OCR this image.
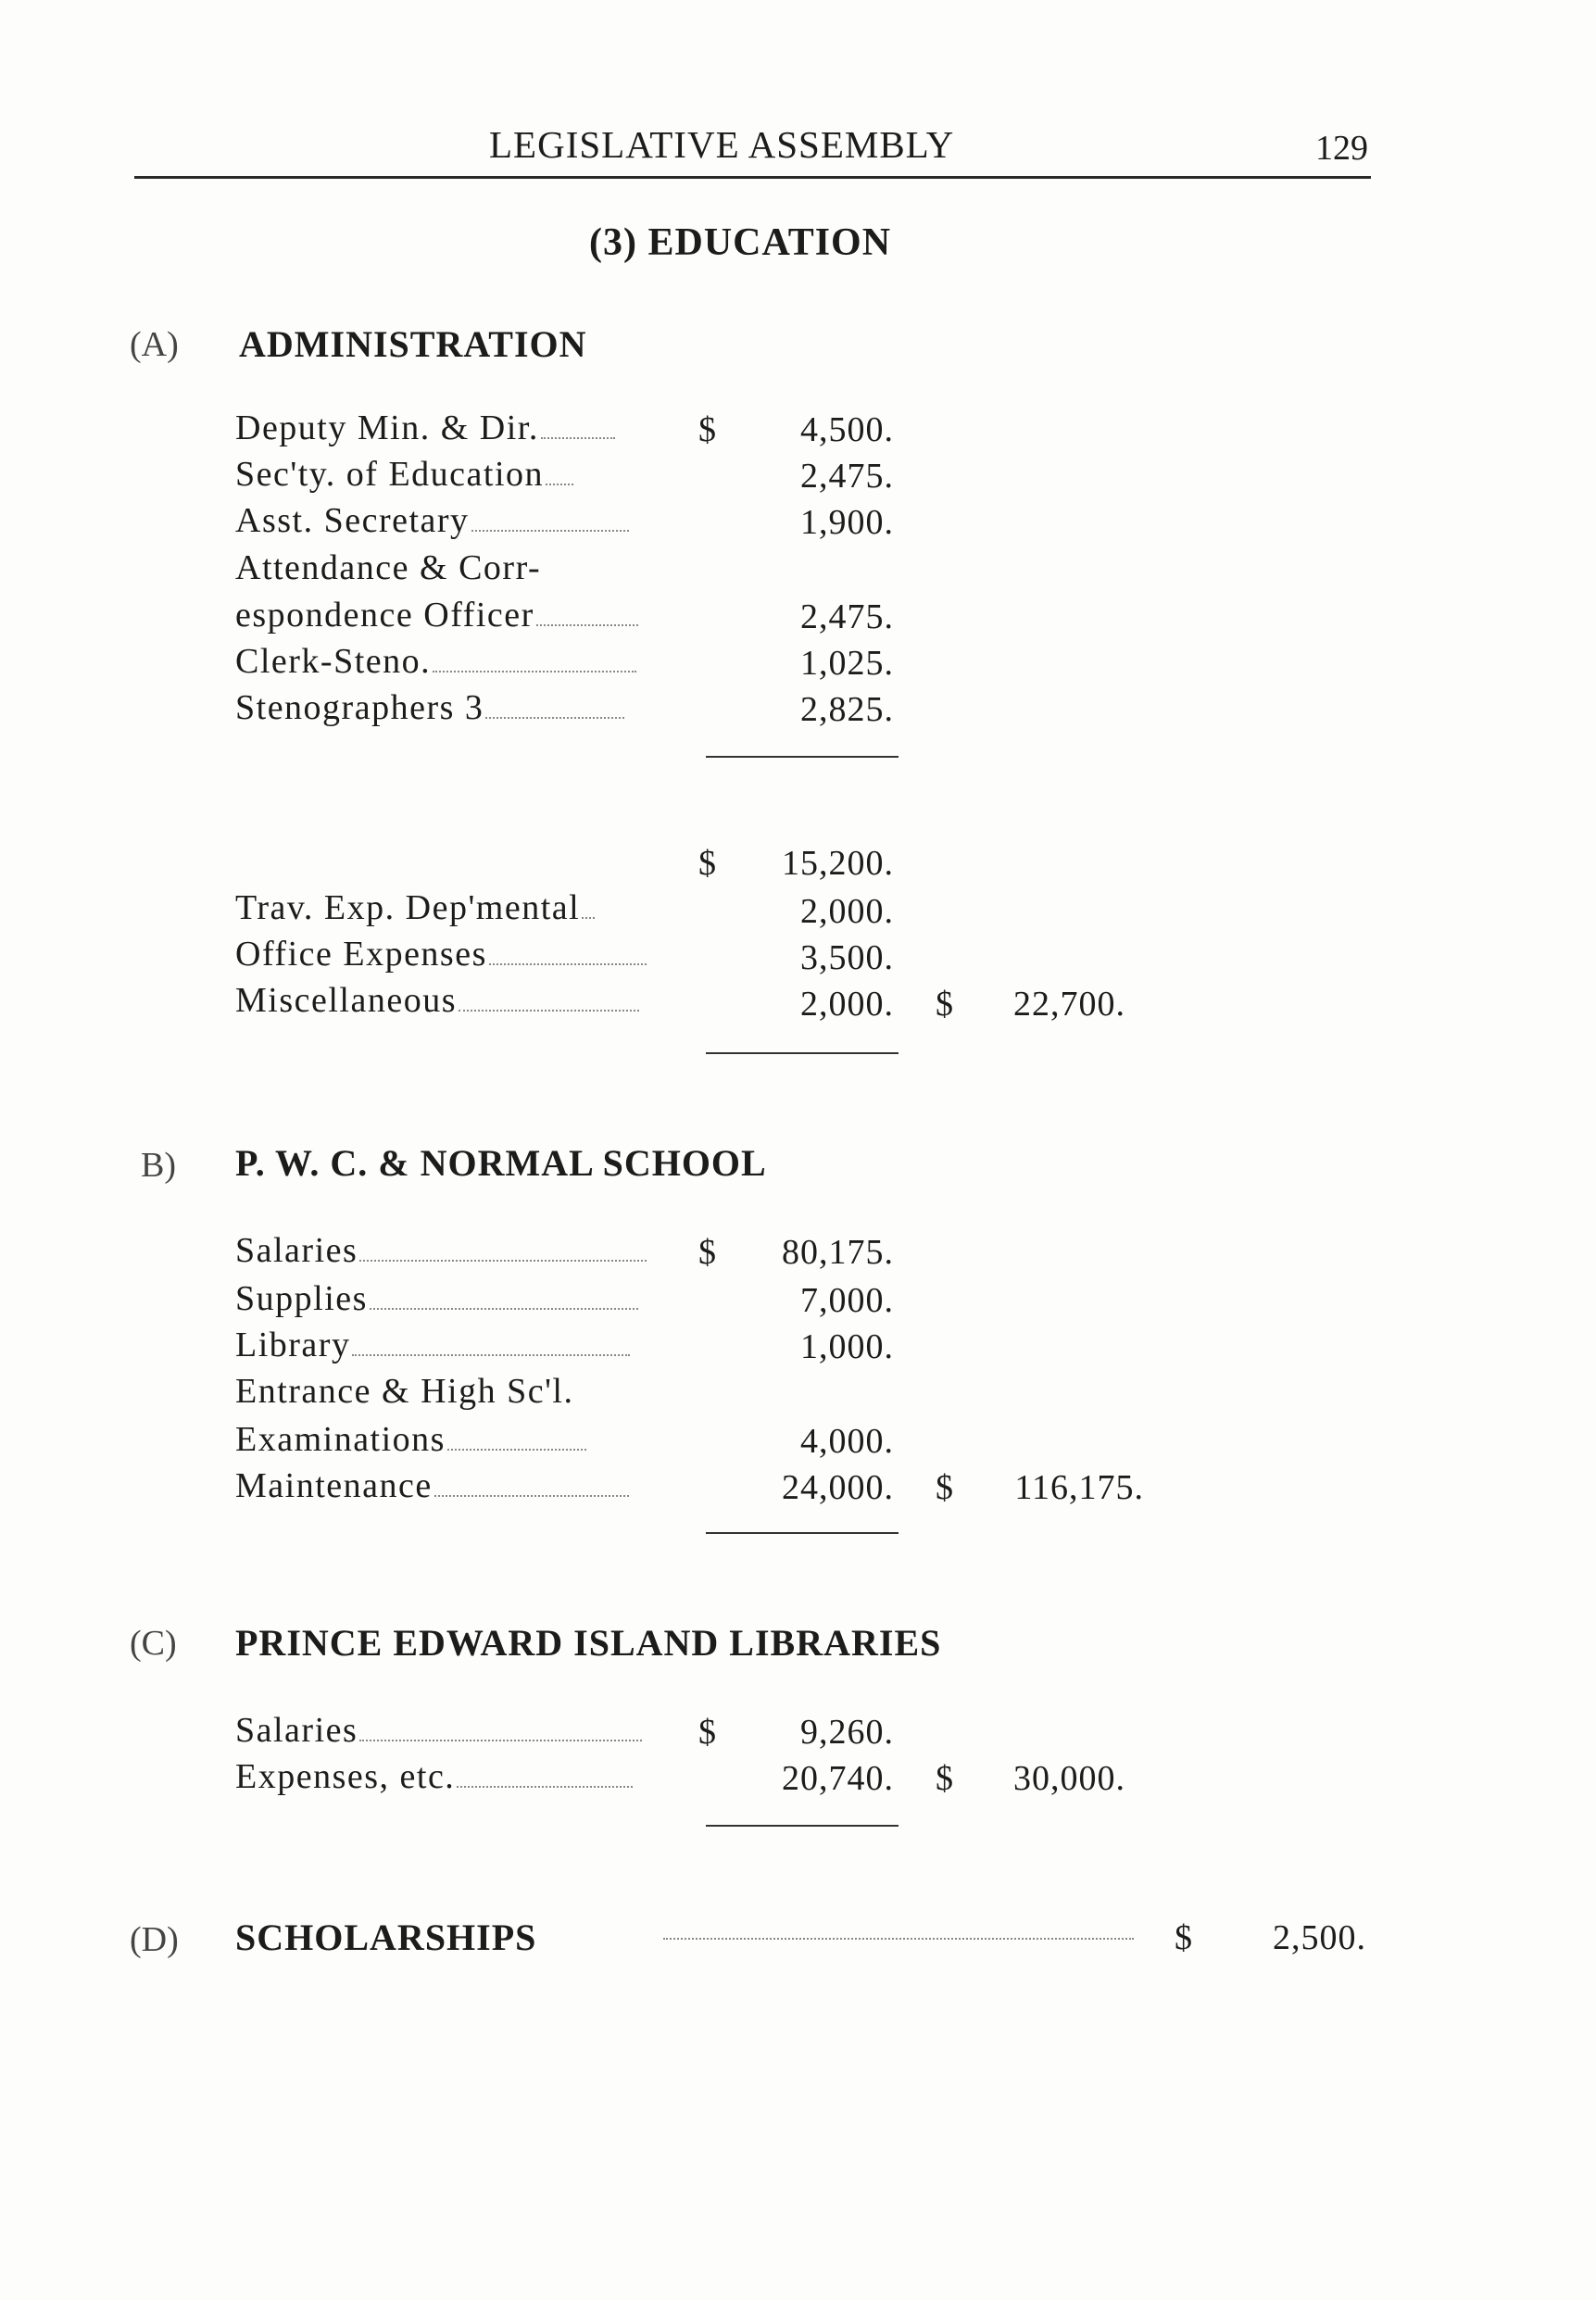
LEGISLATIVE ASSEMBLY	129
(3) EDUCATION
(A) ADMINISTRATION
Deputy Min. & Dir.	$ 4,500.
Sec'ty. of Education	2,475.
Asst. Secretary	1,900.
Attendance & Corr-
espondence Officer	2,475.
Clerk-Steno.	1,025.
Stenographers 3	2,825.
$ 15,200.
Trav. Exp. Dep'mental	2,000.
Office Expenses	3,500.
Miscellaneous	2,000. $ 22,700.
B) P. W. C. & NORMAL SCHOOL
Salaries	$ 80,175.
Supplies	7,000.
Library	1,000.
Entrance & High Sc'l.
Examinations	4,000.
Maintenance	24,000. $ 116,175.
(C) PRINCE EDWARD ISLAND LIBRARIES
Salaries	$ 9,260.
Expenses, etc.	20,740. $ 30,000.
(D) SCHOLARSHIPS	$ 2,500.
